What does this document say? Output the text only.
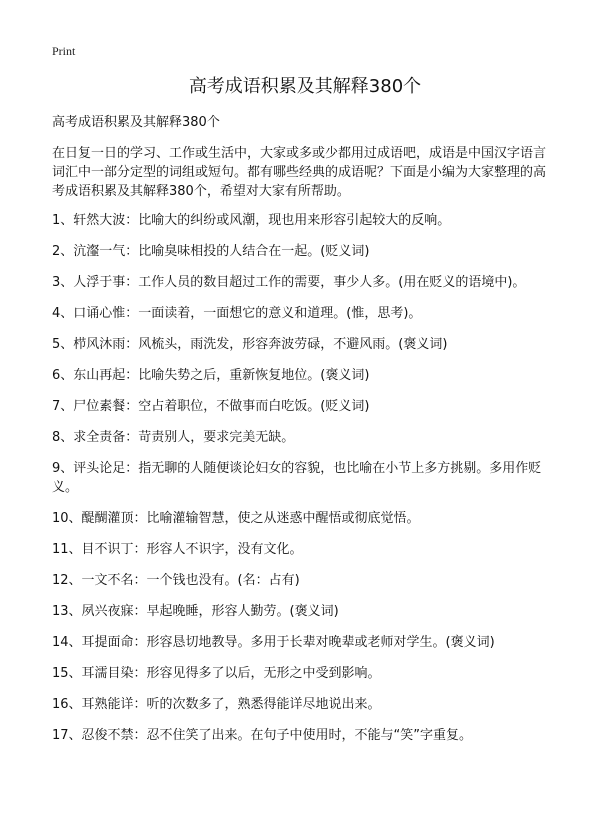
Print
高考成语积累及其解释380个
高考成语积累及其解释380个

在日复一日的学习、工作或生活中，大家或多或少都用过成语吧，成语是中国汉字语言词汇中一部分定型的词组或短句。都有哪些经典的成语呢？下面是小编为大家整理的高考成语积累及其解释380个，希望对大家有所帮助。

1、轩然大波：比喻大的纠纷或风潮，现也用来形容引起较大的反响。
2、沆瀣一气：比喻臭味相投的人结合在一起。(贬义词)
3、人浮于事：工作人员的数目超过工作的需要，事少人多。(用在贬义的语境中)。
4、口诵心惟：一面读着，一面想它的意义和道理。(惟，思考)。
5、栉风沐雨：风梳头，雨洗发，形容奔波劳碌，不避风雨。(褒义词)
6、东山再起：比喻失势之后，重新恢复地位。(褒义词)
7、尸位素餐：空占着职位，不做事而白吃饭。(贬义词)
8、求全责备：苛责别人，要求完美无缺。
9、评头论足：指无聊的人随便谈论妇女的容貌，也比喻在小节上多方挑剔。多用作贬义。
10、醍醐灌顶：比喻灌输智慧，使之从迷惑中醒悟或彻底觉悟。
11、目不识丁：形容人不识字，没有文化。
12、一文不名：一个钱也没有。(名：占有)
13、夙兴夜寐：早起晚睡，形容人勤劳。(褒义词)
14、耳提面命：形容恳切地教导。多用于长辈对晚辈或老师对学生。(褒义词)
15、耳濡目染：形容见得多了以后，无形之中受到影响。
16、耳熟能详：听的次数多了，熟悉得能详尽地说出来。
17、忍俊不禁：忍不住笑了出来。在句子中使用时，不能与“笑”字重复。
